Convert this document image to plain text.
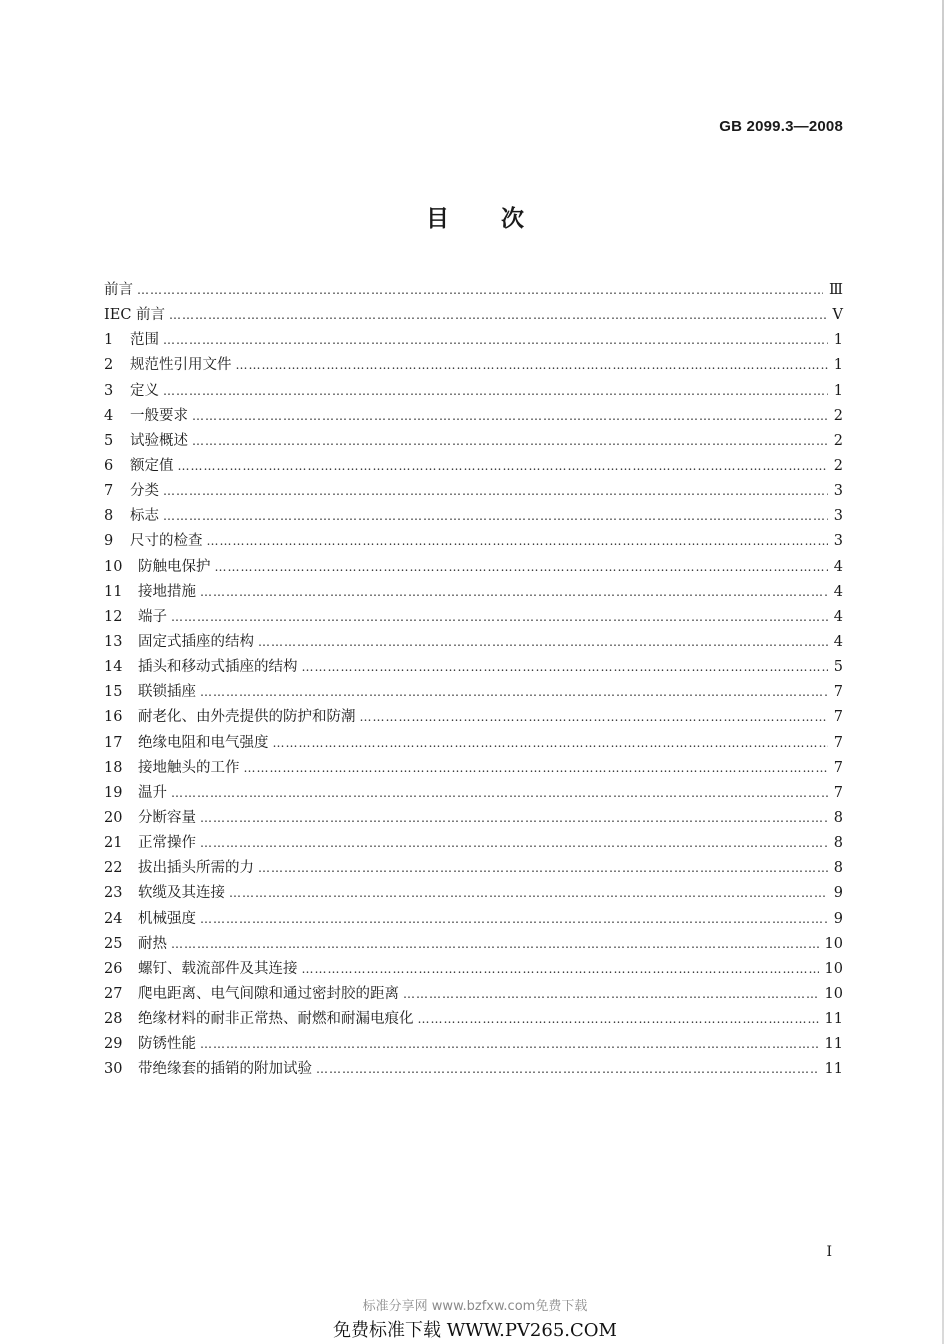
GB 2099.3—2008
目次
前言 ……………………………………………………………………………………………………………………………………………………………………………	Ⅲ
IEC 前言 ……………………………………………………………………………………………………………………………………………………………………………	Ⅴ
1	范围 ……………………………………………………………………………………………………………………………………………………………………………	1
2	规范性引用文件 ……………………………………………………………………………………………………………………………………………………………………………	1
3	定义 ……………………………………………………………………………………………………………………………………………………………………………	1
4	一般要求 ……………………………………………………………………………………………………………………………………………………………………………	2
5	试验概述 ……………………………………………………………………………………………………………………………………………………………………………	2
6	额定值 ……………………………………………………………………………………………………………………………………………………………………………	2
7	分类 ……………………………………………………………………………………………………………………………………………………………………………	3
8	标志 ……………………………………………………………………………………………………………………………………………………………………………	3
9	尺寸的检查 ……………………………………………………………………………………………………………………………………………………………………………	3
10	防触电保护 ……………………………………………………………………………………………………………………………………………………………………………	4
11	接地措施 ……………………………………………………………………………………………………………………………………………………………………………	4
12	端子 ……………………………………………………………………………………………………………………………………………………………………………	4
13	固定式插座的结构 ……………………………………………………………………………………………………………………………………………………………………………	4
14	插头和移动式插座的结构 ……………………………………………………………………………………………………………………………………………………………………………	5
15	联锁插座 ……………………………………………………………………………………………………………………………………………………………………………	7
16	耐老化、由外壳提供的防护和防潮 ……………………………………………………………………………………………………………………………………………………………………………	7
17	绝缘电阻和电气强度 ……………………………………………………………………………………………………………………………………………………………………………	7
18	接地触头的工作 ……………………………………………………………………………………………………………………………………………………………………………	7
19	温升 ……………………………………………………………………………………………………………………………………………………………………………	7
20	分断容量 ……………………………………………………………………………………………………………………………………………………………………………	8
21	正常操作 ……………………………………………………………………………………………………………………………………………………………………………	8
22	拔出插头所需的力 ……………………………………………………………………………………………………………………………………………………………………………	8
23	软缆及其连接 ……………………………………………………………………………………………………………………………………………………………………………	9
24	机械强度 ……………………………………………………………………………………………………………………………………………………………………………	9
25	耐热 ……………………………………………………………………………………………………………………………………………………………………………	10
26	螺钉、载流部件及其连接 ……………………………………………………………………………………………………………………………………………………………………………	10
27	爬电距离、电气间隙和通过密封胶的距离 ……………………………………………………………………………………………………………………………………………………………………………	10
28	绝缘材料的耐非正常热、耐燃和耐漏电痕化 ……………………………………………………………………………………………………………………………………………………………………………	11
29	防锈性能 ……………………………………………………………………………………………………………………………………………………………………………	11
30	带绝缘套的插销的附加试验 ……………………………………………………………………………………………………………………………………………………………………………	11
I
标准分享网 www.bzfxw.com免费下载
免费标准下载 WWW.PV265.COM
